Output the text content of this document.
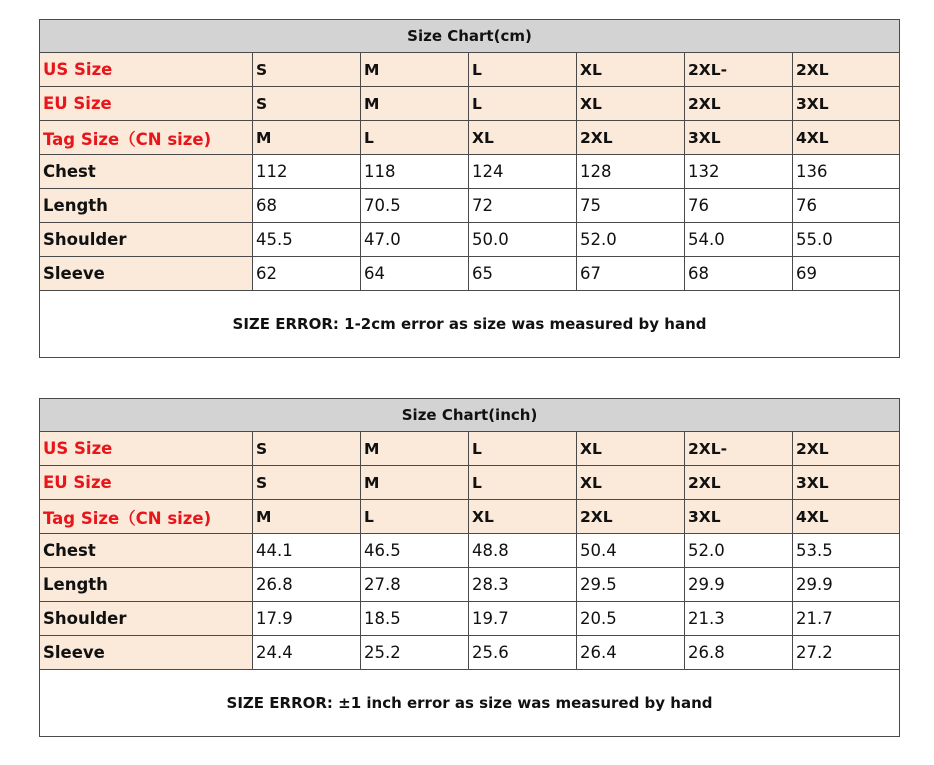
Size Chart(cm)						
US Size	S	M	L	XL	2XL-	2XL
EU Size	S	M	L	XL	2XL	3XL
Tag Size（CN size)	M	L	XL	2XL	3XL	4XL
Chest	112	118	124	128	132	136
Length	68	70.5	72	75	76	76
Shoulder	45.5	47.0	50.0	52.0	54.0	55.0
Sleeve	62	64	65	67	68	69
SIZE ERROR: 1-2cm error as size was measured by hand						
Size Chart(inch)						
US Size	S	M	L	XL	2XL-	2XL
EU Size	S	M	L	XL	2XL	3XL
Tag Size（CN size)	M	L	XL	2XL	3XL	4XL
Chest	44.1	46.5	48.8	50.4	52.0	53.5
Length	26.8	27.8	28.3	29.5	29.9	29.9
Shoulder	17.9	18.5	19.7	20.5	21.3	21.7
Sleeve	24.4	25.2	25.6	26.4	26.8	27.2
SIZE ERROR: ±1 inch error as size was measured by hand						
